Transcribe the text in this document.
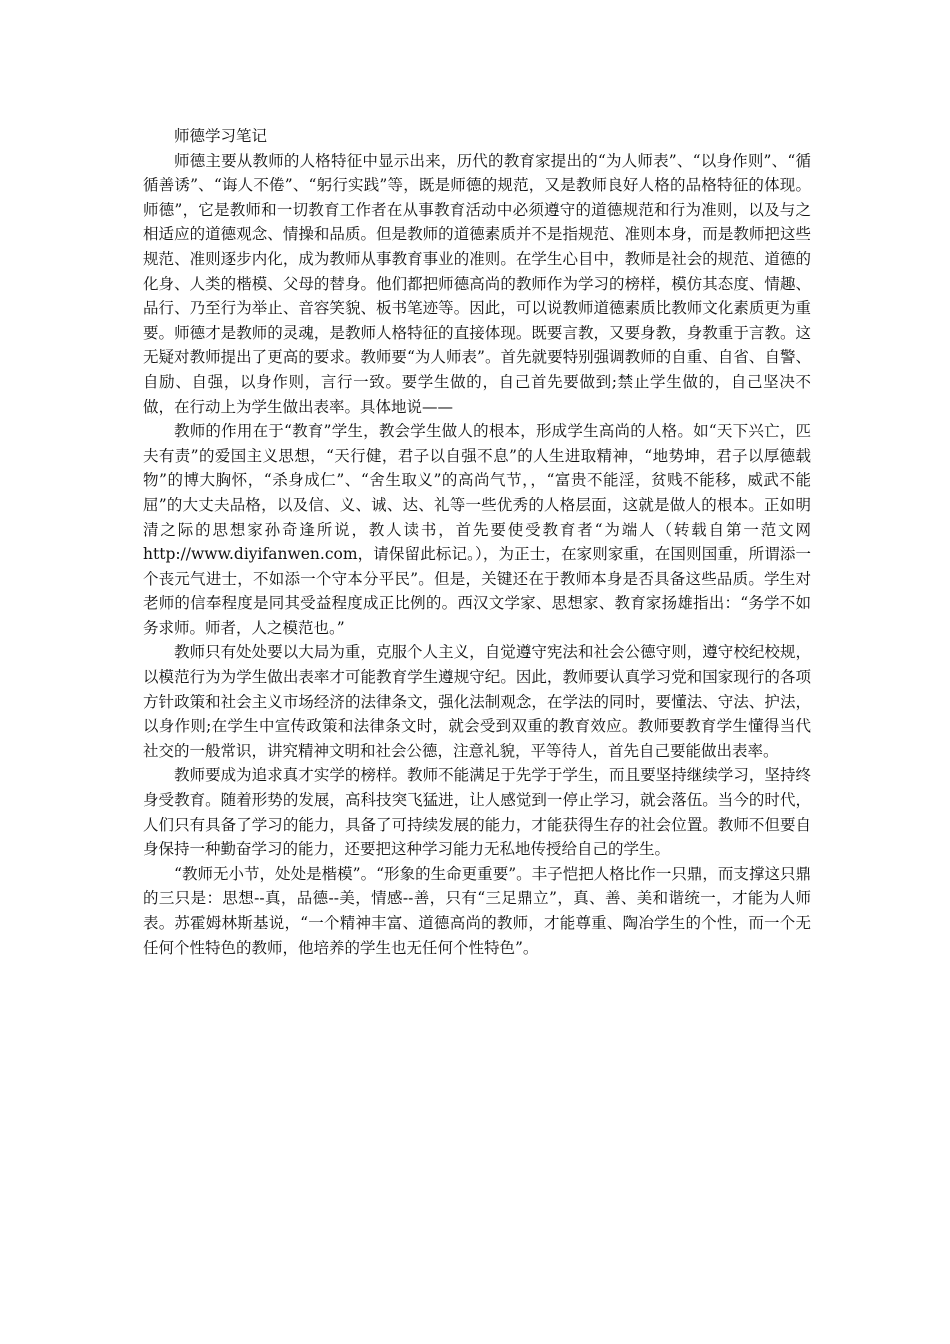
师德学习笔记

师德主要从教师的人格特征中显示出来，历代的教育家提出的“为人师表”、“以身作则”、“循循善诱”、“诲人不倦”、“躬行实践”等，既是师德的规范，又是教师良好人格的品格特征的体现。师德”，它是教师和一切教育工作者在从事教育活动中必须遵守的道德规范和行为准则，以及与之相适应的道德观念、情操和品质。但是教师的道德素质并不是指规范、准则本身，而是教师把这些规范、准则逐步内化，成为教师从事教育事业的准则。在学生心目中，教师是社会的规范、道德的化身、人类的楷模、父母的替身。他们都把师德高尚的教师作为学习的榜样，模仿其态度、情趣、品行、乃至行为举止、音容笑貌、板书笔迹等。因此，可以说教师道德素质比教师文化素质更为重要。师德才是教师的灵魂，是教师人格特征的直接体现。既要言教，又要身教，身教重于言教。这无疑对教师提出了更高的要求。教师要“为人师表”。首先就要特别强调教师的自重、自省、自警、自励、自强，以身作则，言行一致。要学生做的，自己首先要做到;禁止学生做的，自己坚决不做，在行动上为学生做出表率。具体地说——

教师的作用在于“教育”学生，教会学生做人的根本，形成学生高尚的人格。如“天下兴亡，匹夫有责”的爱国主义思想，“天行健，君子以自强不息”的人生进取精神，“地势坤，君子以厚德载物”的博大胸怀，“杀身成仁”、“舍生取义”的高尚气节，，“富贵不能淫，贫贱不能移，威武不能屈”的大丈夫品格，以及信、义、诚、达、礼等一些优秀的人格层面，这就是做人的根本。正如明清之际的思想家孙奇逢所说，教人读书，首先要使受教育者“为端人（转载自第一范文网 http://www.diyifanwen.com，请保留此标记。），为正士，在家则家重，在国则国重，所谓添一个丧元气进士，不如添一个守本分平民”。但是，关键还在于教师本身是否具备这些品质。学生对老师的信奉程度是同其受益程度成正比例的。西汉文学家、思想家、教育家扬雄指出：“务学不如务求师。师者，人之模范也。”

教师只有处处要以大局为重，克服个人主义，自觉遵守宪法和社会公德守则，遵守校纪校规，以模范行为为学生做出表率才可能教育学生遵规守纪。因此，教师要认真学习党和国家现行的各项方针政策和社会主义市场经济的法律条文，强化法制观念，在学法的同时，要懂法、守法、护法，以身作则;在学生中宣传政策和法律条文时，就会受到双重的教育效应。教师要教育学生懂得当代社交的一般常识，讲究精神文明和社会公德，注意礼貌，平等待人，首先自己要能做出表率。

教师要成为追求真才实学的榜样。教师不能满足于先学于学生，而且要坚持继续学习，坚持终身受教育。随着形势的发展，高科技突飞猛进，让人感觉到一停止学习，就会落伍。当今的时代，人们只有具备了学习的能力，具备了可持续发展的能力，才能获得生存的社会位置。教师不但要自身保持一种勤奋学习的能力，还要把这种学习能力无私地传授给自己的学生。

“教师无小节，处处是楷模”。“形象的生命更重要”。丰子恺把人格比作一只鼎，而支撑这只鼎的三只是：思想--真，品德--美，情感--善，只有“三足鼎立”，真、善、美和谐统一，才能为人师表。苏霍姆林斯基说，“一个精神丰富、道德高尚的教师，才能尊重、陶冶学生的个性，而一个无任何个性特色的教师，他培养的学生也无任何个性特色”。
